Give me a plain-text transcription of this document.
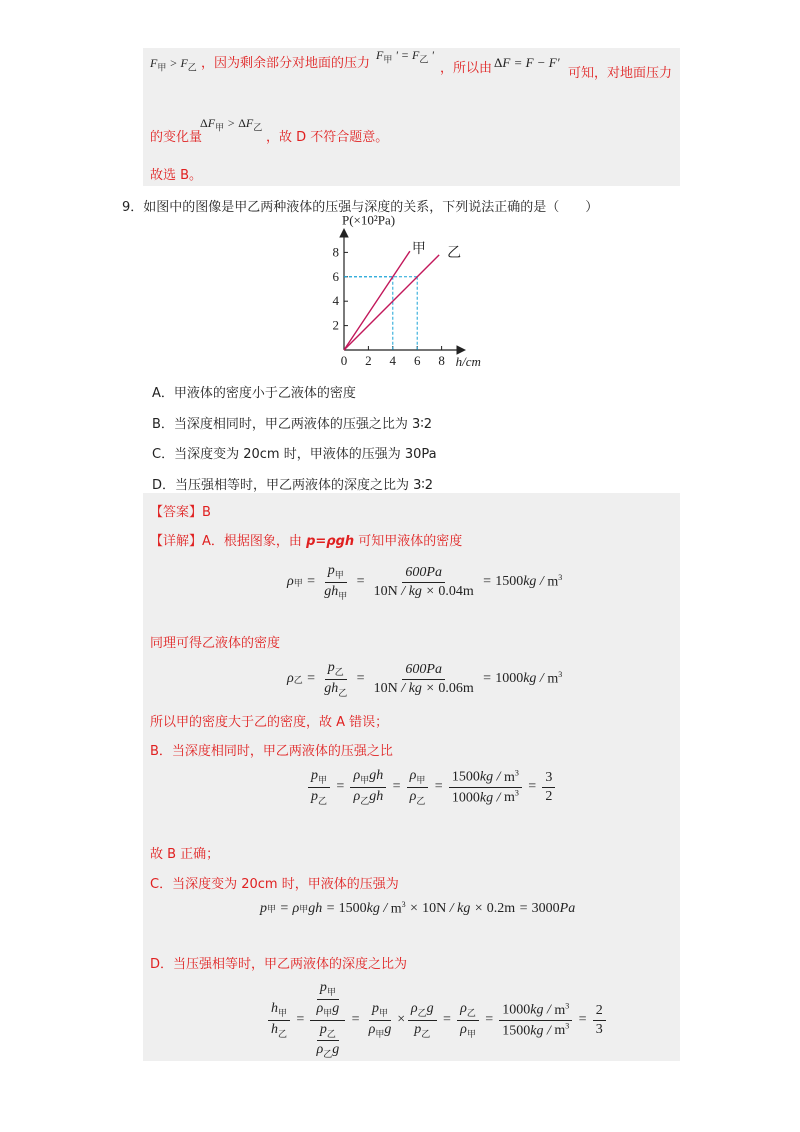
$F_甲 > F_乙$ ，因为剩余部分对地面的压力
$F_甲$ ' = $F_乙$ '
，所以由 ΔF = F − F′
可知，对地面压力
的变化量
$\Delta F_甲 > \Delta F_乙$
，故 D 不符合题意。
故选 B。
9．如图中的图像是甲乙两种液体的压强与深度的关系，下列说法正确的是（　　）
0 2 4 6 8
2
4
6
8	甲 乙
P(×10²Pa)
h/cm
A．甲液体的密度小于乙液体的密度
B．当深度相同时，甲乙两液体的压强之比为 3∶2
C．当深度变为 20cm 时，甲液体的压强为 30Pa
D．当压强相等时，甲乙两液体的深度之比为 3∶2
【答案】B
【详解】A．根据图象，由 p=ρgh 可知甲液体的密度
ρ 甲 = $\frac{p_甲}{gh_甲} = \frac{600Pa}{10N / kg \times 0.04m} = 1500$ kg / $m^3$
同理可得乙液体的密度
ρ 乙 = $\frac{p_乙}{gh_乙} = \frac{600Pa}{10N / kg \times 0.06m} = 1000$ kg / $m^3$
所以甲的密度大于乙的密度，故 A 错误；
B．当深度相同时，甲乙两液体的压强之比
$\frac{p_甲}{p_乙} = \frac{\rho_甲gh}{\rho_乙gh} = \frac{\rho_甲}{\rho_乙} = \frac{1500kg / m^3}{1000kg / m^3} = \frac{3}{2}$
故 B 正确；
C．当深度变为 20cm 时，甲液体的压强为
p 甲 = ρ 甲 gh = 1500 kg / $m^3 \times 10N$ / kg × 0.2m = 3000 Pa
D．当压强相等时，甲乙两液体的深度之比为
$\frac{h_甲}{h_乙} = \frac{\frac{p_甲}{\rho_甲g}}{\frac{p_乙}{\rho_乙g}} = \frac{p_甲}{\rho_甲g} \times \frac{\rho_乙g}{p_乙} = \frac{\rho_乙}{\rho_甲} = \frac{1000kg / m^3}{1500kg / m^3} = \frac{2}{3}$
